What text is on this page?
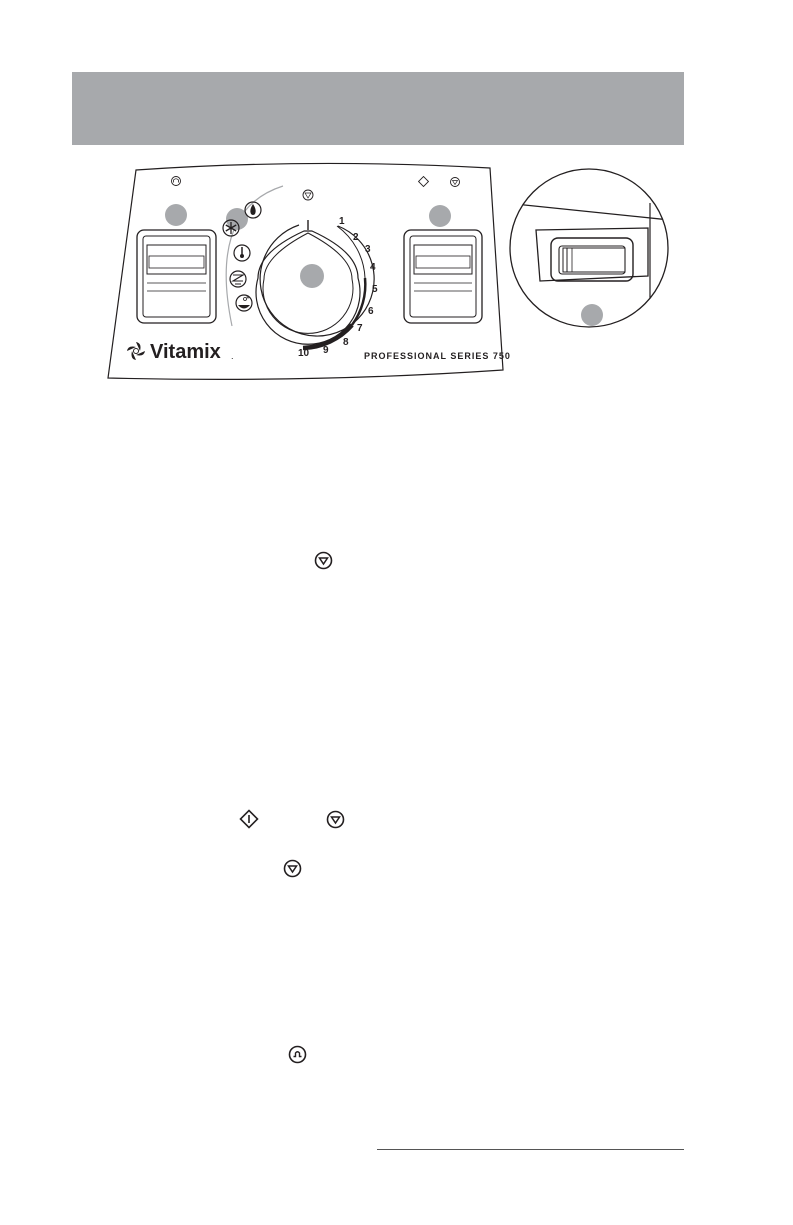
1
2
3
4
5
6
7
8
9
10
Vitamix .	PROFESSIONAL SERIES 750
